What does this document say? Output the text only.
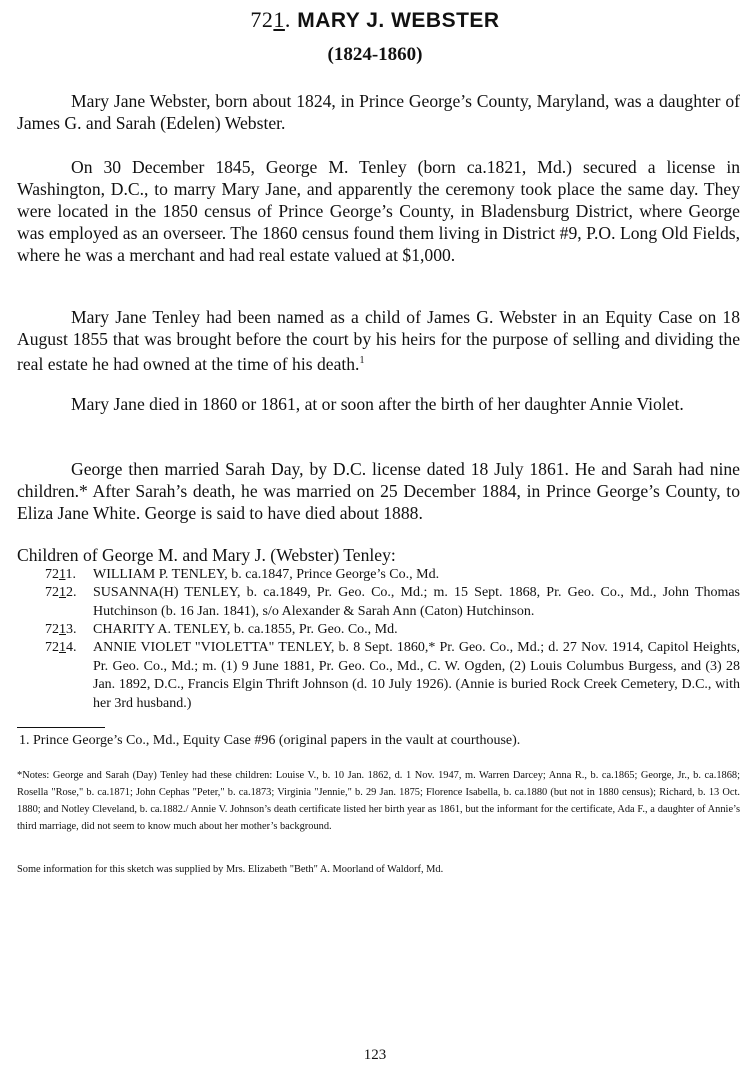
721. MARY J. WEBSTER
(1824-1860)

Mary Jane Webster, born about 1824, in Prince George’s County, Maryland, was a daughter of James G. and Sarah (Edelen) Webster.

On 30 December 1845, George M. Tenley (born ca.1821, Md.) secured a license in Washington, D.C., to marry Mary Jane, and apparently the ceremony took place the same day. They were located in the 1850 census of Prince George’s County, in Bladensburg District, where George was employed as an overseer. The 1860 census found them living in District #9, P.O. Long Old Fields, where he was a merchant and had real estate valued at $1,000.

Mary Jane Tenley had been named as a child of James G. Webster in an Equity Case on 18 August 1855 that was brought before the court by his heirs for the purpose of selling and dividing the real estate he had owned at the time of his death.$^1$

Mary Jane died in 1860 or 1861, at or soon after the birth of her daughter Annie Violet.

George then married Sarah Day, by D.C. license dated 18 July 1861. He and Sarah had nine children.* After Sarah’s death, he was married on 25 December 1884, in Prince George’s County, to Eliza Jane White. George is said to have died about 1888.

Children of George M. and Mary J. (Webster) Tenley:
7211.	WILLIAM P. TENLEY, b. ca.1847, Prince George’s Co., Md.
7212.	SUSANNA(H) TENLEY, b. ca.1849, Pr. Geo. Co., Md.; m. 15 Sept. 1868, Pr. Geo. Co., Md., John Thomas Hutchinson (b. 16 Jan. 1841), s/o Alexander & Sarah Ann (Caton) Hutchinson.
7213.	CHARITY A. TENLEY, b. ca.1855, Pr. Geo. Co., Md.
7214.	ANNIE VIOLET "VIOLETTA" TENLEY, b. 8 Sept. 1860,* Pr. Geo. Co., Md.; d. 27 Nov. 1914, Capitol Heights, Pr. Geo. Co., Md.; m. (1) 9 June 1881, Pr. Geo. Co., Md., C. W. Ogden, (2) Louis Columbus Burgess, and (3) 28 Jan. 1892, D.C., Francis Elgin Thrift Johnson (d. 10 July 1926). (Annie is buried Rock Creek Cemetery, D.C., with her 3rd husband.)
1. Prince George’s Co., Md., Equity Case #96 (original papers in the vault at courthouse).

*Notes: George and Sarah (Day) Tenley had these children: Louise V., b. 10 Jan. 1862, d. 1 Nov. 1947, m. Warren Darcey; Anna R., b. ca.1865; George, Jr., b. ca.1868; Rosella "Rose," b. ca.1871; John Cephas "Peter," b. ca.1873; Virginia "Jennie," b. 29 Jan. 1875; Florence Isabella, b. ca.1880 (but not in 1880 census); Richard, b. 13 Oct. 1880; and Notley Cleveland, b. ca.1882./ Annie V. Johnson’s death certificate listed her birth year as 1861, but the informant for the certificate, Ada F., a daughter of Annie’s third marriage, did not seem to know much about her mother’s background.

Some information for this sketch was supplied by Mrs. Elizabeth "Beth" A. Moorland of Waldorf, Md.
123
